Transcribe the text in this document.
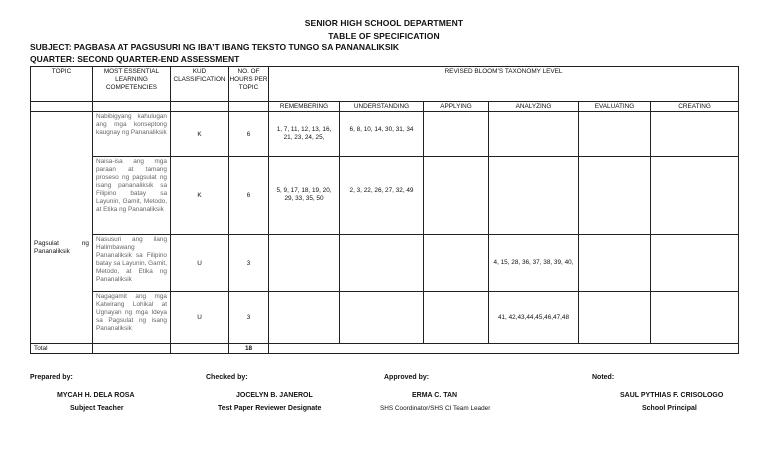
SENIOR HIGH SCHOOL DEPARTMENT
TABLE OF SPECIFICATION
SUBJECT: PAGBASA AT PAGSUSURI NG IBA’T IBANG TEKSTO TUNGO SA PANANALIKSIK
QUARTER: SECOND QUARTER-END ASSESSMENT
TOPIC	MOST ESSENTIAL LEARNING COMPETENCIES	KUD CLASSIFICATION	NO. OF HOURS PER TOPIC	REVISED BLOOM’S TAXONOMY LEVEL					
				REMEMBERING	UNDERSTANDING	APPLYING	ANALYZING	EVALUATING	CREATING
Pagsulat ng Pananaliksik	Nabibigyang kahulugan ang mga konseptong kaugnay ng Pananaliksik	K	6	1, 7, 11, 12, 13, 16, 21, 23, 24, 25,	6, 8, 10, 14, 30, 31, 34				
	Naisa-isa ang mga paraan at tamang proseso ng pagsulat ng isang pananaliksik sa Filipino batay sa Layunin, Gamit, Metodo, at Etika ng Pananaliksik	K	6	5, 9, 17, 18, 19, 20, 29, 33, 35, 50	2, 3, 22, 26, 27, 32, 49				
	Nasusuri ang ilang Halimbawang Pananaliksik sa Filipino batay sa Layunin, Gamit, Metodo, at Etika ng Pananaliksik	U	3				4, 15, 28, 36, 37, 38, 39, 40,		
	Nagagamit ang mga Katwirang Lohikal at Ugnayan ng mga Ideya sa Pagsulat ng isang Pananaliksik	U	3				41, 42,43,44,45,46,47,48		
Total			18						
Prepared by:	Checked by:	Approved by:	Noted:
MYCAH H. DELA ROSA	JOCELYN B. JANEROL	ERMA C. TAN	SAUL PYTHIAS F. CRISOLOGO
Subject Teacher	Test Paper Reviewer Designate	SHS Coordinator/SHS CI Team Leader	School Principal
